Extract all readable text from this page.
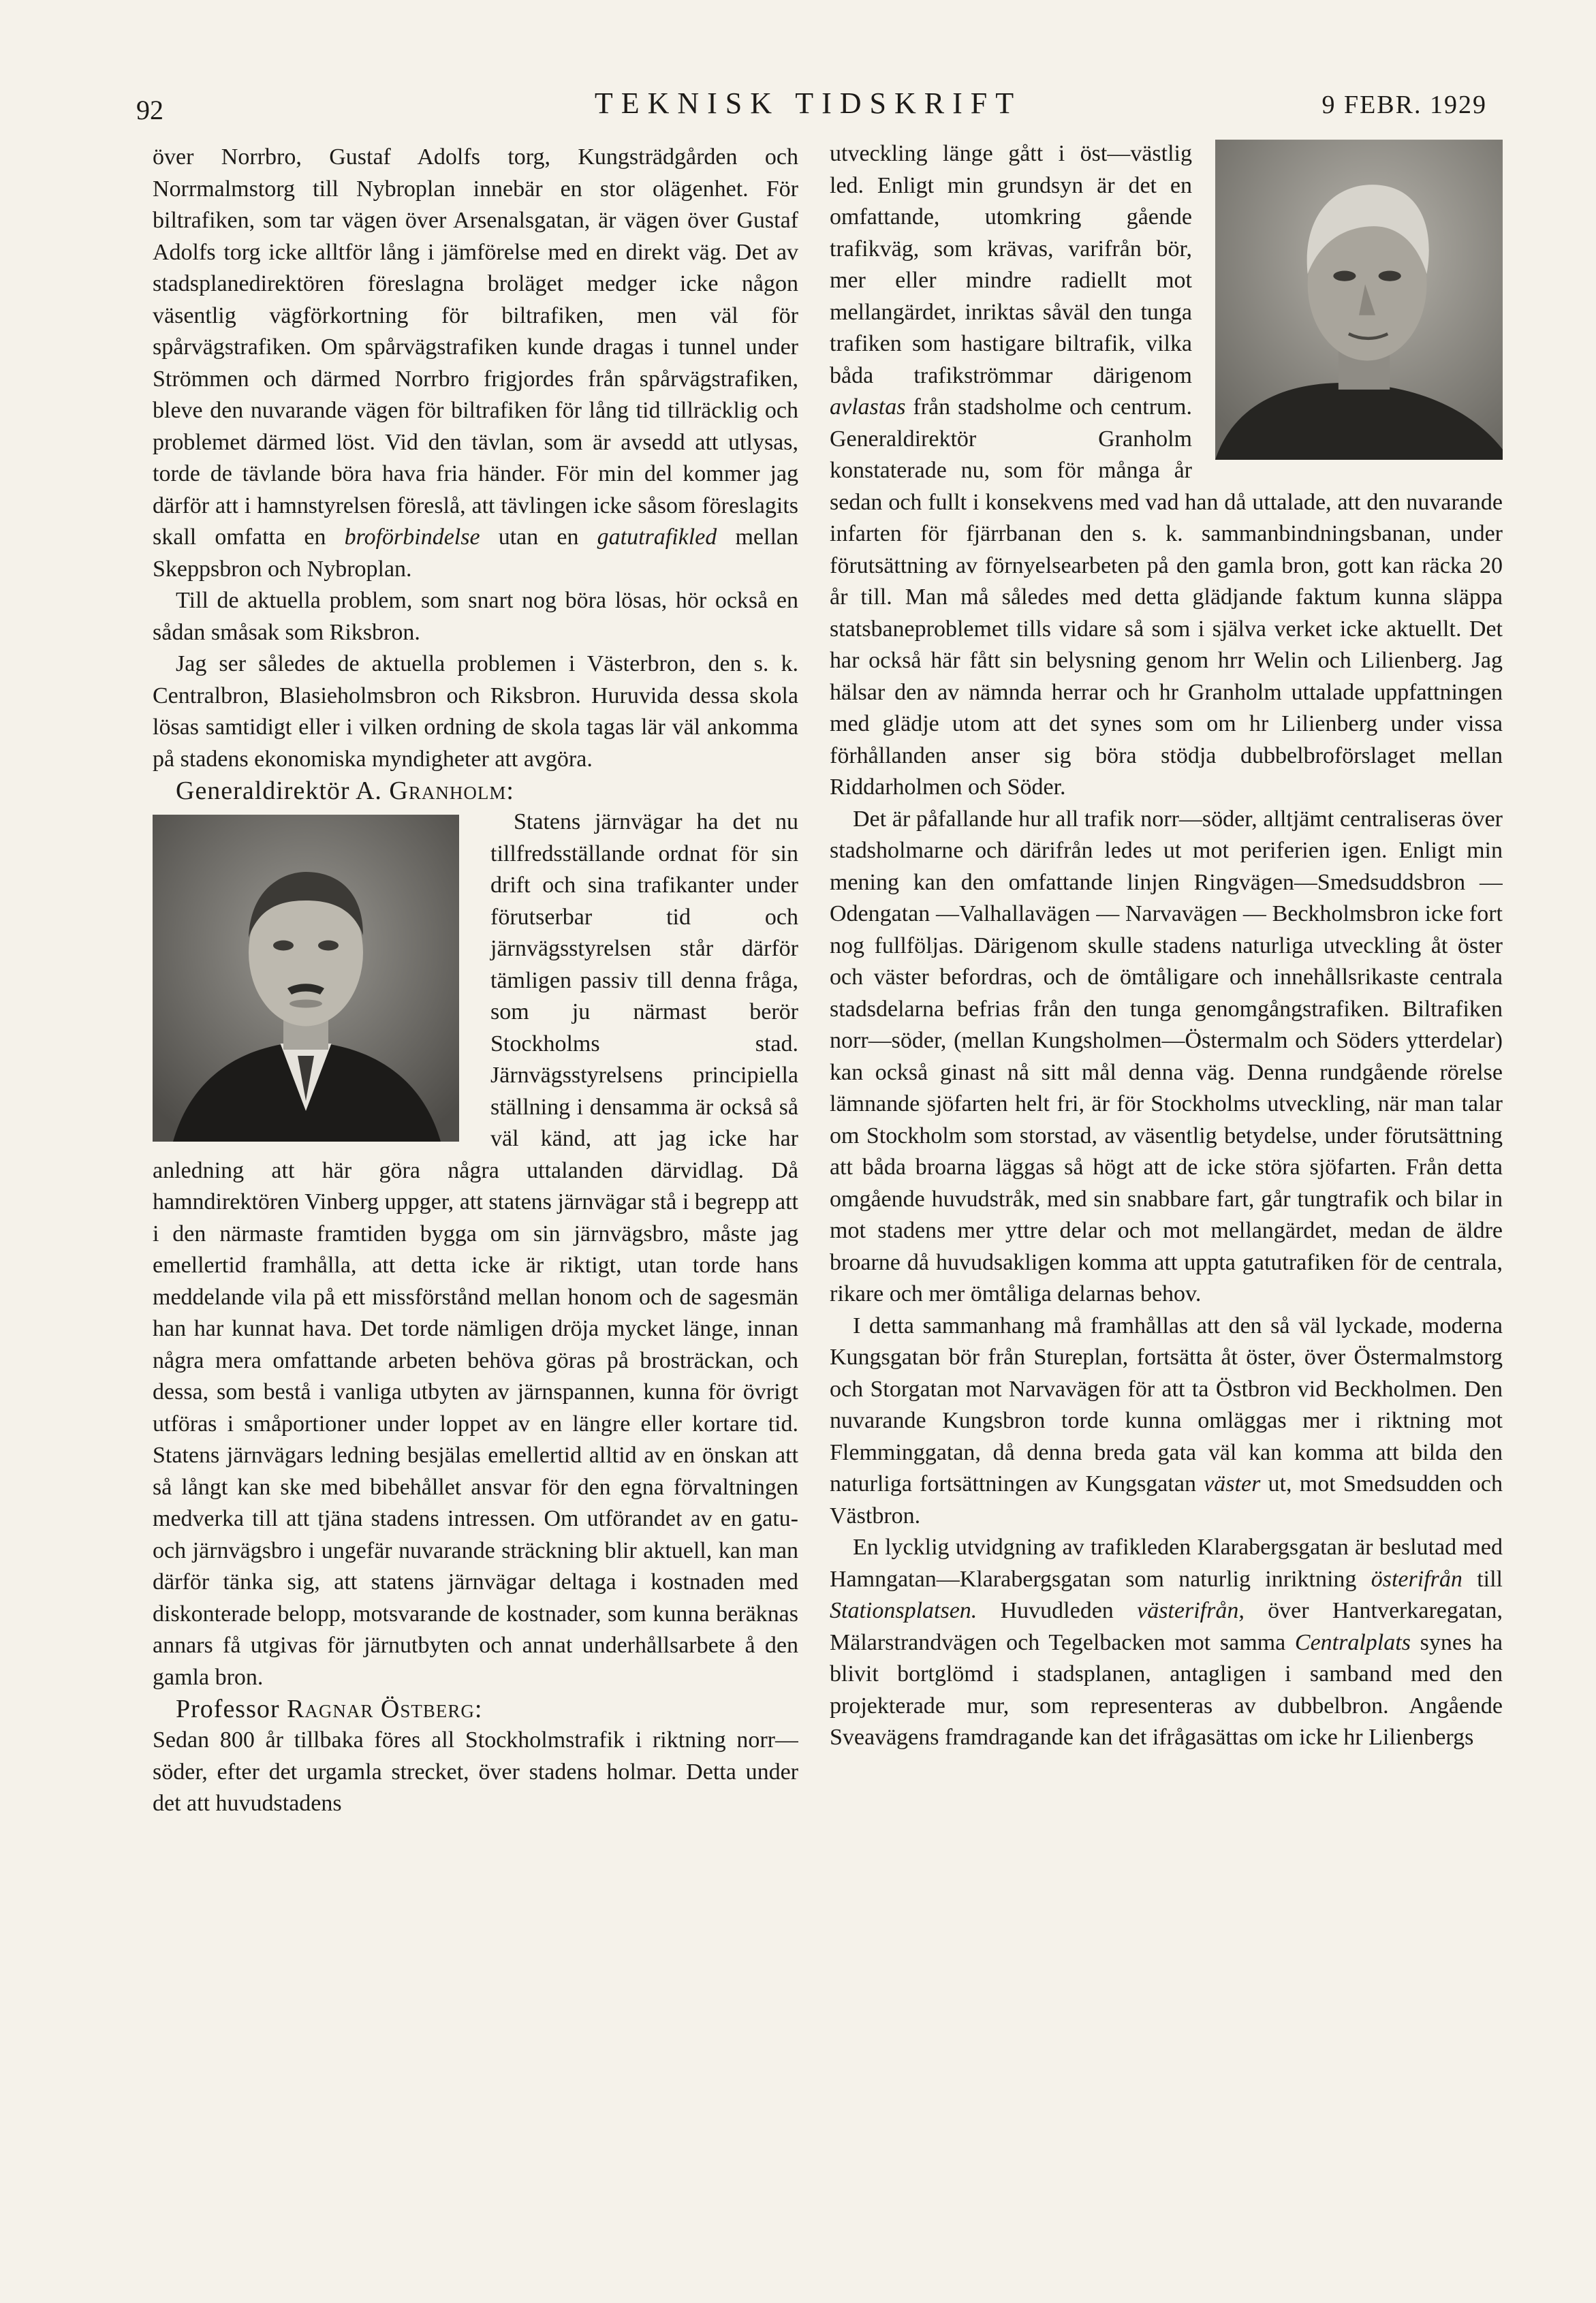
92	TEKNISK TIDSKRIFT	9 FEBR. 1929

över Norrbro, Gustaf Adolfs torg, Kungsträdgården och Norrmalmstorg till Nybroplan innebär en stor olägenhet. För biltrafiken, som tar vägen över Arsenalsgatan, är vägen över Gustaf Adolfs torg icke alltför lång i jämförelse med en direkt väg. Det av stadsplanedirektören föreslagna broläget medger icke någon väsentlig vägförkortning för biltrafiken, men väl för spårvägstrafiken. Om spårvägstrafiken kunde dragas i tunnel under Strömmen och därmed Norrbro frigjordes från spårvägstrafiken, bleve den nuvarande vägen för biltrafiken för lång tid tillräcklig och problemet därmed löst. Vid den tävlan, som är avsedd att utlysas, torde de tävlande böra hava fria händer. För min del kommer jag därför att i hamnstyrelsen föreslå, att tävlingen icke såsom föreslagits skall omfatta en broförbindelse utan en gatutrafikled mellan Skeppsbron och Nybroplan.

Till de aktuella problem, som snart nog böra lösas, hör också en sådan småsak som Riksbron.

Jag ser således de aktuella problemen i Västerbron, den s. k. Centralbron, Blasieholmsbron och Riksbron. Huruvida dessa skola lösas samtidigt eller i vilken ordning de skola tagas lär väl ankomma på stadens ekonomiska myndigheter att avgöra.

Generaldirektör A. Granholm:

Statens järnvägar ha det nu tillfredsställande ordnat för sin drift och sina trafikanter under förutserbar tid och järnvägsstyrelsen står därför tämligen passiv till denna fråga, som ju närmast berör Stockholms stad. Järnvägsstyrelsens principiella ställning i densamma är också så väl känd, att jag icke har anledning att här göra några uttalanden därvidlag. Då hamndirektören Vinberg uppger, att statens järnvägar stå i begrepp att i den närmaste framtiden bygga om sin järnvägsbro, måste jag emellertid framhålla, att detta icke är riktigt, utan torde hans meddelande vila på ett missförstånd mellan honom och de sagesmän han har kunnat hava. Det torde nämligen dröja mycket länge, innan några mera omfattande arbeten behöva göras på brosträckan, och dessa, som bestå i vanliga utbyten av järnspannen, kunna för övrigt utföras i småportioner under loppet av en längre eller kortare tid. Statens järnvägars ledning besjälas emellertid alltid av en önskan att så långt kan ske med bibehållet ansvar för den egna förvaltningen medverka till att tjäna stadens intressen. Om utförandet av en gatu- och järnvägsbro i ungefär nuvarande sträckning blir aktuell, kan man därför tänka sig, att statens järnvägar deltaga i kostnaden med diskonterade belopp, motsvarande de kostnader, som kunna beräknas annars få utgivas för järnutbyten och annat underhållsarbete å den gamla bron.

Professor Ragnar Östberg:

Sedan 800 år tillbaka föres all Stockholmstrafik i riktning norr—söder, efter det urgamla strecket, över stadens holmar. Detta under det att huvudstadens

utveckling länge gått i öst—västlig led. Enligt min grundsyn är det en omfattande, utomkring gående trafikväg, som krävas, varifrån bör, mer eller mindre radiellt mot mellangärdet, inriktas såväl den tunga trafiken som hastigare biltrafik, vilka båda trafikströmmar därigenom avlastas från stadsholme och centrum. Generaldirektör Granholm konstaterade nu, som för många år sedan och fullt i konsekvens med vad han då uttalade, att den nuvarande infarten för fjärrbanan den s. k. sammanbindningsbanan, under förutsättning av förnyelsearbeten på den gamla bron, gott kan räcka 20 år till. Man må således med detta glädjande faktum kunna släppa statsbaneproblemet tills vidare så som i själva verket icke aktuellt. Det har också här fått sin belysning genom hrr Welin och Lilienberg. Jag hälsar den av nämnda herrar och hr Granholm uttalade uppfattningen med glädje utom att det synes som om hr Lilienberg under vissa förhållanden anser sig böra stödja dubbelbroförslaget mellan Riddarholmen och Söder.

Det är påfallande hur all trafik norr—söder, alltjämt centraliseras över stadsholmarne och därifrån ledes ut mot periferien igen. Enligt min mening kan den omfattande linjen Ringvägen—Smedsuddsbron — Odengatan —Valhallavägen — Narvavägen — Beckholmsbron icke fort nog fullföljas. Därigenom skulle stadens naturliga utveckling åt öster och väster befordras, och de ömtåligare och innehållsrikaste centrala stadsdelarna befrias från den tunga genomgångstrafiken. Biltrafiken norr—söder, (mellan Kungsholmen—Östermalm och Söders ytterdelar) kan också ginast nå sitt mål denna väg. Denna rundgående rörelse lämnande sjöfarten helt fri, är för Stockholms utveckling, när man talar om Stockholm som storstad, av väsentlig betydelse, under förutsättning att båda broarna läggas så högt att de icke störa sjöfarten. Från detta omgående huvudstråk, med sin snabbare fart, går tungtrafik och bilar in mot stadens mer yttre delar och mot mellangärdet, medan de äldre broarne då huvudsakligen komma att uppta gatutrafiken för de centrala, rikare och mer ömtåliga delarnas behov.

I detta sammanhang må framhållas att den så väl lyckade, moderna Kungsgatan bör från Stureplan, fortsätta åt öster, över Östermalmstorg och Storgatan mot Narvavägen för att ta Östbron vid Beckholmen. Den nuvarande Kungsbron torde kunna omläggas mer i riktning mot Flemminggatan, då denna breda gata väl kan komma att bilda den naturliga fortsättningen av Kungsgatan väster ut, mot Smedsudden och Västbron.

En lycklig utvidgning av trafikleden Klarabergsgatan är beslutad med Hamngatan—Klarabergsgatan som naturlig inriktning österifrån till Stationsplatsen. Huvudleden västerifrån, över Hantverkaregatan, Mälarstrandvägen och Tegelbacken mot samma Centralplats synes ha blivit bortglömd i stadsplanen, antagligen i samband med den projekterade mur, som representeras av dubbelbron. Angående Sveavägens framdragande kan det ifrågasättas om icke hr Lilienbergs
